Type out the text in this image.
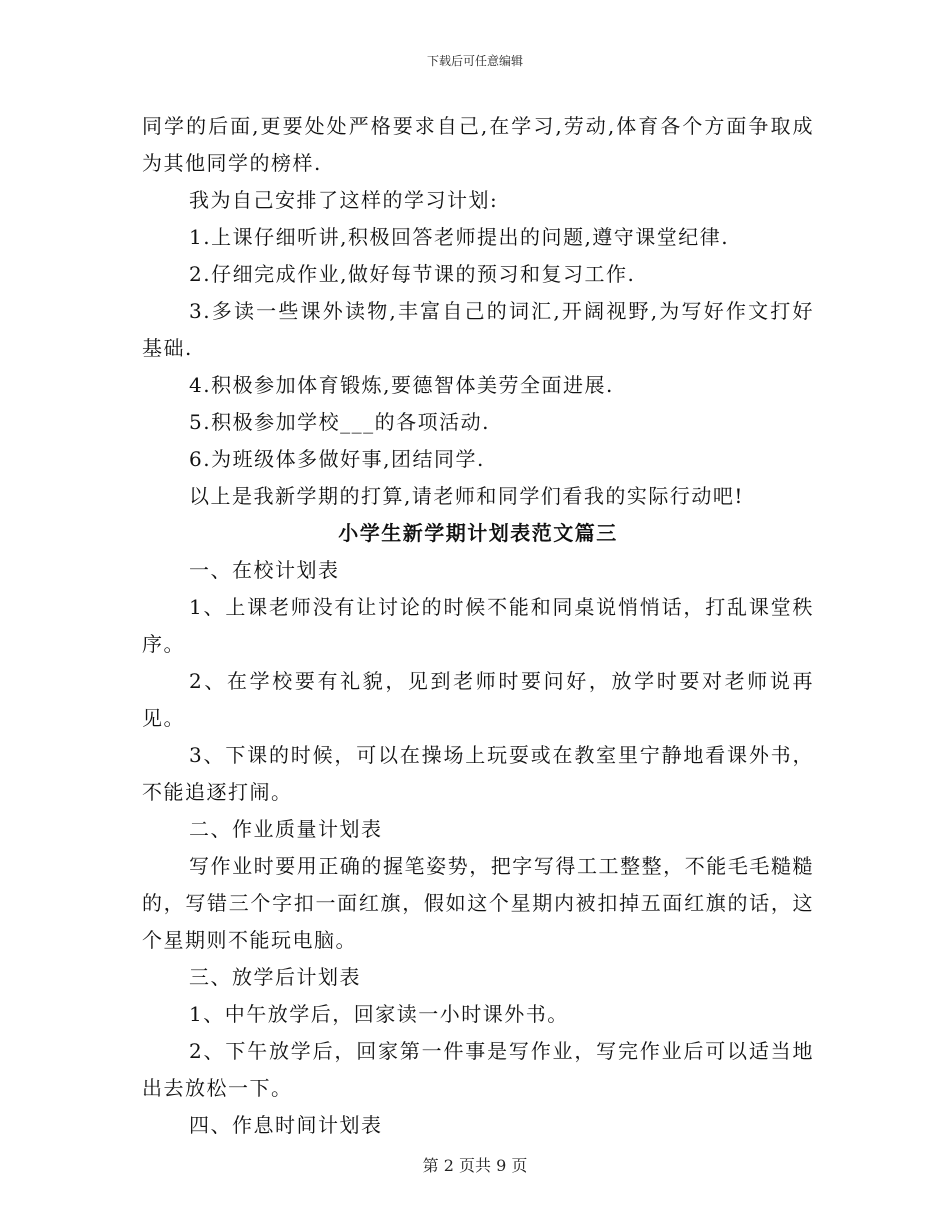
下载后可任意编辑

同学的后面,更要处处严格要求自己,在学习,劳动,体育各个方面争取成为其他同学的榜样.

我为自己安排了这样的学习计划:

1.上课仔细听讲,积极回答老师提出的问题,遵守课堂纪律.

2.仔细完成作业,做好每节课的预习和复习工作.

3.多读一些课外读物,丰富自己的词汇,开阔视野,为写好作文打好基础.

4.积极参加体育锻炼,要德智体美劳全面进展.

5.积极参加学校___的各项活动.

6.为班级体多做好事,团结同学.

以上是我新学期的打算,请老师和同学们看我的实际行动吧!

小学生新学期计划表范文篇三

一、在校计划表

1、上课老师没有让讨论的时候不能和同桌说悄悄话，打乱课堂秩序。

2、在学校要有礼貌，见到老师时要问好，放学时要对老师说再见。

3、下课的时候，可以在操场上玩耍或在教室里宁静地看课外书，不能追逐打闹。

二、作业质量计划表

写作业时要用正确的握笔姿势，把字写得工工整整，不能毛毛糙糙的，写错三个字扣一面红旗，假如这个星期内被扣掉五面红旗的话，这个星期则不能玩电脑。

三、放学后计划表

1、中午放学后，回家读一小时课外书。

2、下午放学后，回家第一件事是写作业，写完作业后可以适当地出去放松一下。

四、作息时间计划表

第 2 页共 9 页
